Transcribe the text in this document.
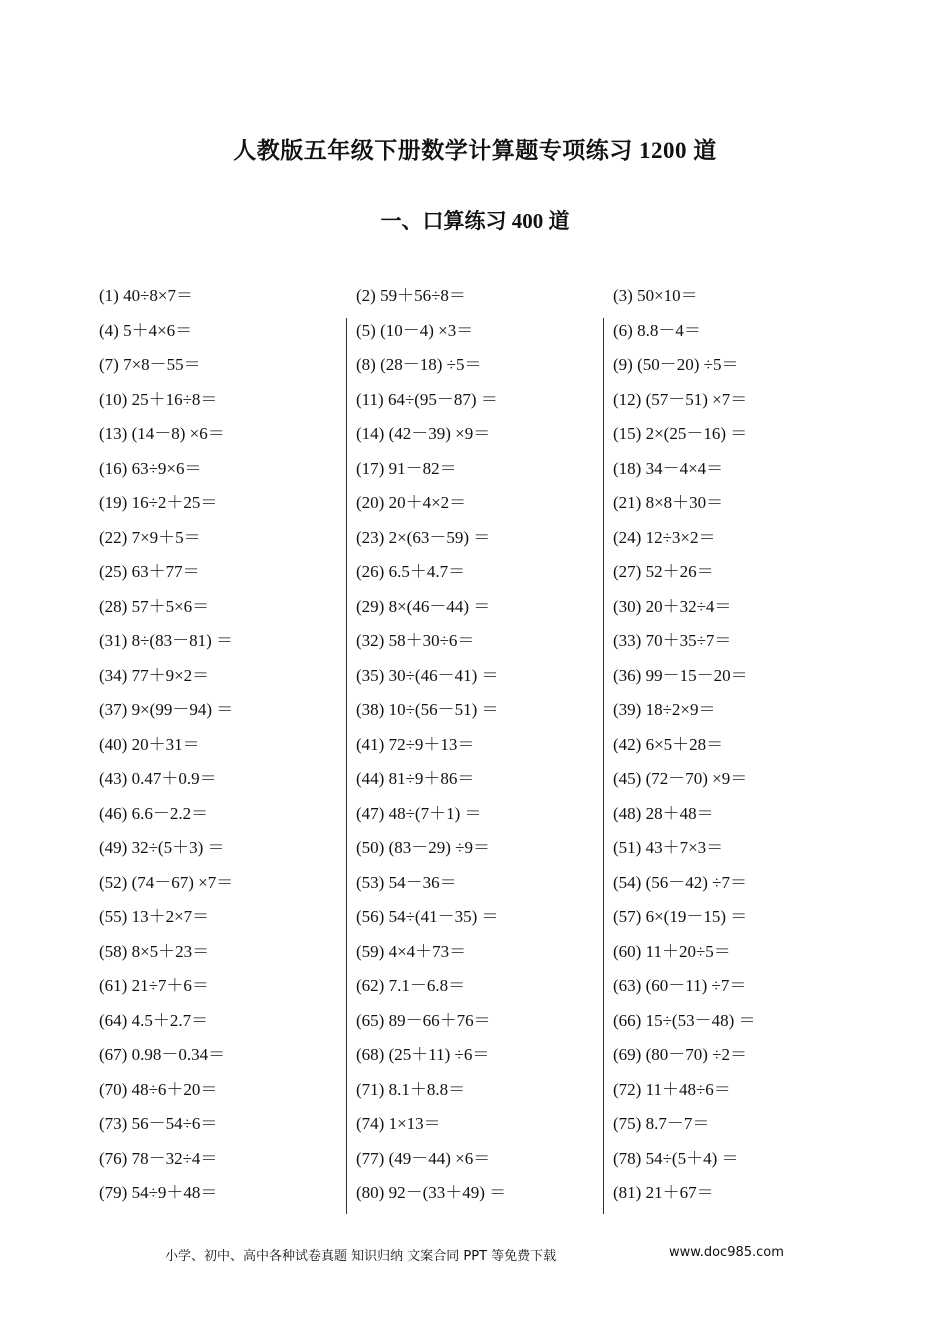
人教版五年级下册数学计算题专项练习 1200 道
一、口算练习 400 道
(1) 40÷8×7＝	(2) 59＋56÷8＝	(3) 50×10＝
(4) 5＋4×6＝	(5) (10－4) ×3＝	(6) 8.8－4＝
(7) 7×8－55＝	(8) (28－18) ÷5＝	(9) (50－20) ÷5＝
(10) 25＋16÷8＝	(11) 64÷(95－87) ＝	(12) (57－51) ×7＝
(13) (14－8) ×6＝	(14) (42－39) ×9＝	(15) 2×(25－16) ＝
(16) 63÷9×6＝	(17) 91－82＝	(18) 34－4×4＝
(19) 16÷2＋25＝	(20) 20＋4×2＝	(21) 8×8＋30＝
(22) 7×9＋5＝	(23) 2×(63－59) ＝	(24) 12÷3×2＝
(25) 63＋77＝	(26) 6.5＋4.7＝	(27) 52＋26＝
(28) 57＋5×6＝	(29) 8×(46－44) ＝	(30) 20＋32÷4＝
(31) 8÷(83－81) ＝	(32) 58＋30÷6＝	(33) 70＋35÷7＝
(34) 77＋9×2＝	(35) 30÷(46－41) ＝	(36) 99－15－20＝
(37) 9×(99－94) ＝	(38) 10÷(56－51) ＝	(39) 18÷2×9＝
(40) 20＋31＝	(41) 72÷9＋13＝	(42) 6×5＋28＝
(43) 0.47＋0.9＝	(44) 81÷9＋86＝	(45) (72－70) ×9＝
(46) 6.6－2.2＝	(47) 48÷(7＋1) ＝	(48) 28＋48＝
(49) 32÷(5＋3) ＝	(50) (83－29) ÷9＝	(51) 43＋7×3＝
(52) (74－67) ×7＝	(53) 54－36＝	(54) (56－42) ÷7＝
(55) 13＋2×7＝	(56) 54÷(41－35) ＝	(57) 6×(19－15) ＝
(58) 8×5＋23＝	(59) 4×4＋73＝	(60) 11＋20÷5＝
(61) 21÷7＋6＝	(62) 7.1－6.8＝	(63) (60－11) ÷7＝
(64) 4.5＋2.7＝	(65) 89－66＋76＝	(66) 15÷(53－48) ＝
(67) 0.98－0.34＝	(68) (25＋11) ÷6＝	(69) (80－70) ÷2＝
(70) 48÷6＋20＝	(71) 8.1＋8.8＝	(72) 11＋48÷6＝
(73) 56－54÷6＝	(74) 1×13＝	(75) 8.7－7＝
(76) 78－32÷4＝	(77) (49－44) ×6＝	(78) 54÷(5＋4) ＝
(79) 54÷9＋48＝	(80) 92－(33＋49) ＝	(81) 21＋67＝
小学、初中、高中各种试卷真题 知识归纳 文案合同 PPT 等免费下载	www.doc985.com
